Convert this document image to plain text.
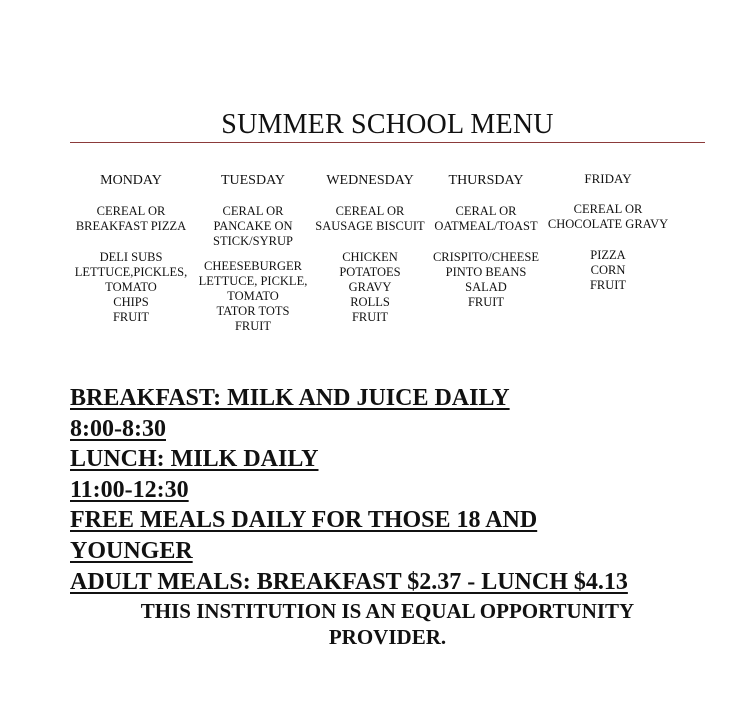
SUMMER SCHOOL MENU
MONDAY
CEREAL OR
BREAKFAST PIZZA
DELI SUBS
LETTUCE,PICKLES,
TOMATO
CHIPS
FRUIT
TUESDAY
CERAL OR
PANCAKE ON
STICK/SYRUP
CHEESEBURGER
LETTUCE, PICKLE,
TOMATO
TATOR TOTS
FRUIT
WEDNESDAY
CEREAL OR
SAUSAGE BISCUIT
CHICKEN
POTATOES
GRAVY
ROLLS
FRUIT
THURSDAY
CERAL OR
OATMEAL/TOAST
CRISPITO/CHEESE
PINTO BEANS
SALAD
FRUIT
FRIDAY
CEREAL OR
CHOCOLATE GRAVY
PIZZA
CORN
FRUIT
BREAKFAST: MILK AND JUICE DAILY
8:00-8:30
LUNCH: MILK DAILY
11:00-12:30
FREE MEALS DAILY FOR THOSE 18 AND
YOUNGER
ADULT MEALS: BREAKFAST $2.37 - LUNCH $4.13
THIS INSTITUTION IS AN EQUAL OPPORTUNITY
PROVIDER.
